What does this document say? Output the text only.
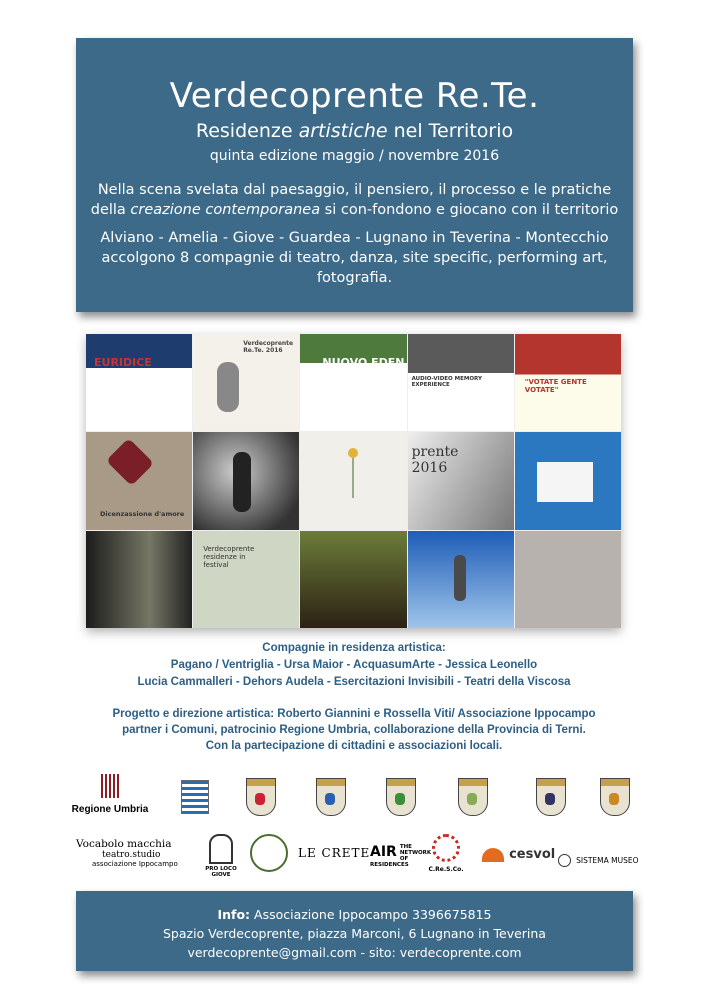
Verdecoprente Re.Te.
Residenze artistiche nel Territorio
quinta edizione maggio / novembre 2016
Nella scena svelata dal paesaggio, il pensiero, il processo e le pratiche
della creazione contemporanea si con-fondono e giocano con il territorio
Alviano - Amelia - Giove - Guardea - Lugnano in Teverina - Montecchio
accolgono 8 compagnie di teatro, danza, site specific, performing art, fotografia.
EURIDICE
Verdecoprente Re.Te. 2016
NUOVO EDEN
AUDIO-VIDEO MEMORY EXPERIENCE	"VOTATE GENTE VOTATE"
Dicenzassione d'amore
prente 2016
Verdecoprente residenze in festival
Compagnie in residenza artistica:
Pagano / Ventriglia - Ursa Maior - AcquasumArte - Jessica Leonello
Lucia Cammalleri - Dehors Audela - Esercitazioni Invisibili - Teatri della Viscosa
Progetto e direzione artistica: Roberto Giannini e Rossella Viti/ Associazione Ippocampo
partner i Comuni, patrocinio Regione Umbria, collaborazione della Provincia di Terni.
Con la partecipazione di cittadini e associazioni locali.
Regione Umbria
Vocabolo macchia
teatro.studio
associazione Ippocampo
PRO LOCO GIOVE
LE CRETE AIR THE NETWORK
OF RESIDENCES
C.Re.S.Co.
cesvol	SISTEMA MUSEO
Info: Associazione Ippocampo 3396675815
Spazio Verdecoprente, piazza Marconi, 6 Lugnano in Teverina
verdecoprente@gmail.com - sito: verdecoprente.com
